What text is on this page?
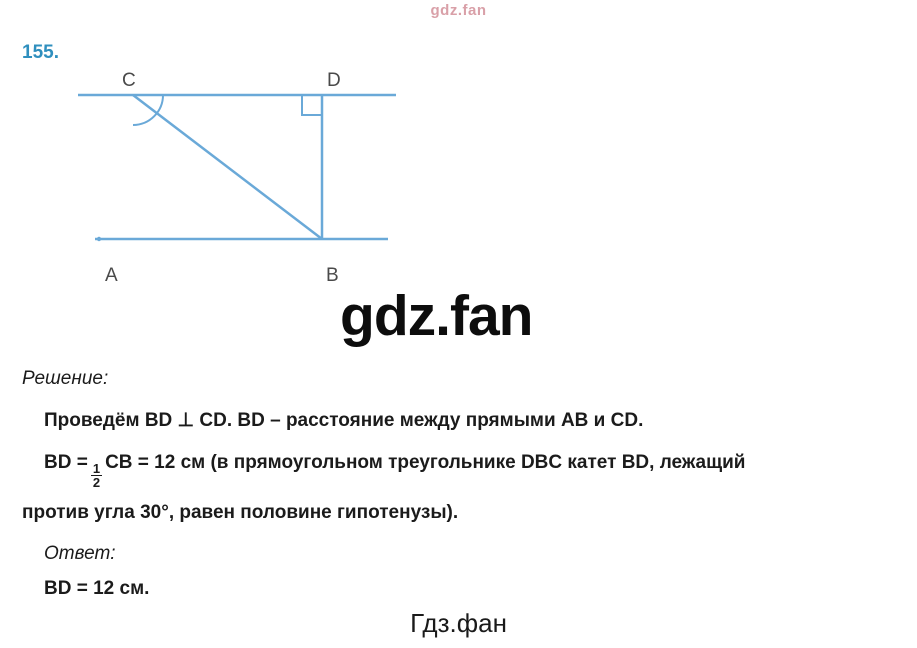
gdz.fan
155.
C	D
A	B
gdz.fan
Решение:
Проведём BD ⊥ CD. BD – расстояние между прямыми AB и CD.
BD = $\frac{1}{2}$ CB = 12 см (в прямоугольном треугольнике DBC катет BD, лежащий
против угла 30°, равен половине гипотенузы).
Ответ:
BD = 12 см.
Гдз.фан
